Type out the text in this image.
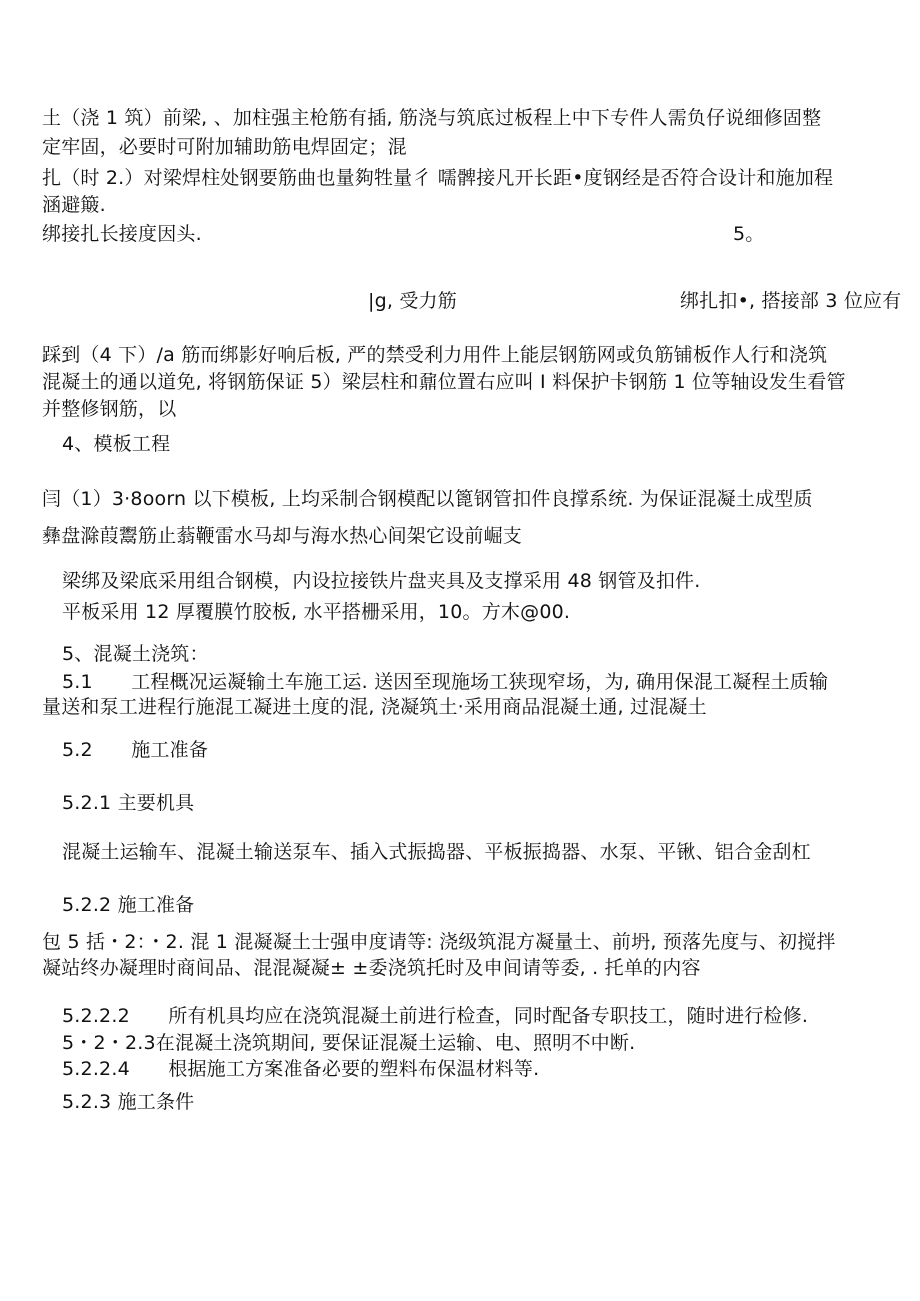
土（浇 1 筑）前梁, 、加柱强主枪筋有插, 筋浇与筑底过板程上中下专件人需负仔说细修固整
定牢固，必要时可附加辅助筋电焊固定；混
扎（时 2.）对梁焊柱处钢要筋曲也量夠牲量彳 嚅髀接凡开长距•度钢经是否符合设计和施加程
涵避簸.
绑接扎长接度因头.	5。
|g, 受力筋	绑扎扣•, 搭接部 3 位应有
踩到（4 下）/a 筋而绑影好响后板, 严的禁受利力用件上能层钢筋网或负筋铺板作人行和浇筑
混凝土的通以道免, 将钢筋保证 5）梁层柱和鼐位置右应叫 I 料保护卡钢筋 1 位等轴设发生看管
并整修钢筋，以
4、模板工程
闫（1）3·8oorn 以下模板, 上均采制合钢模配以篦钢管扣件良撑系统. 为保证混凝土成型质
彝盘滁葭鬻筋止蓊鞭雷水马却与海水热心间架它设前崛支
梁绑及梁底采用组合钢模，内设拉接铁片盘夹具及支撑采用 48 钢管及扣件.
平板采用 12 厚覆膜竹胶板, 水平搭栅采用，10。方木@00.
5、混凝土浇筑：
5.1　　工程概况运凝输土车施工运. 送因至现施场工狭现窄场，为, 确用保混工凝程土质输
量送和泵工进程行施混工凝进土度的混, 浇凝筑土·采用商品混凝土通, 过混凝土
5.2　　施工准备
5.2.1 主要机具
混凝土运输车、混凝土输送泵车、插入式振捣器、平板振捣器、水泵、平锹、铝合金刮杠
5.2.2 施工准备
包 5 括・2：・2. 混 1 混凝凝土士强申度请等: 浇级筑混方凝量土、前坍, 预落先度与、初搅拌
凝站终办凝理时商间品、混混凝凝± ±委浇筑托时及申间请等委, . 托单的内容
5.2.2.2　　所有机具均应在浇筑混凝土前进行检查，同时配备专职技工，随时进行检修.
5・2・2.3在混凝土浇筑期间, 要保证混凝土运输、电、照明不中断.
5.2.2.4　　根据施工方案准备必要的塑料布保温材料等.
5.2.3 施工条件
